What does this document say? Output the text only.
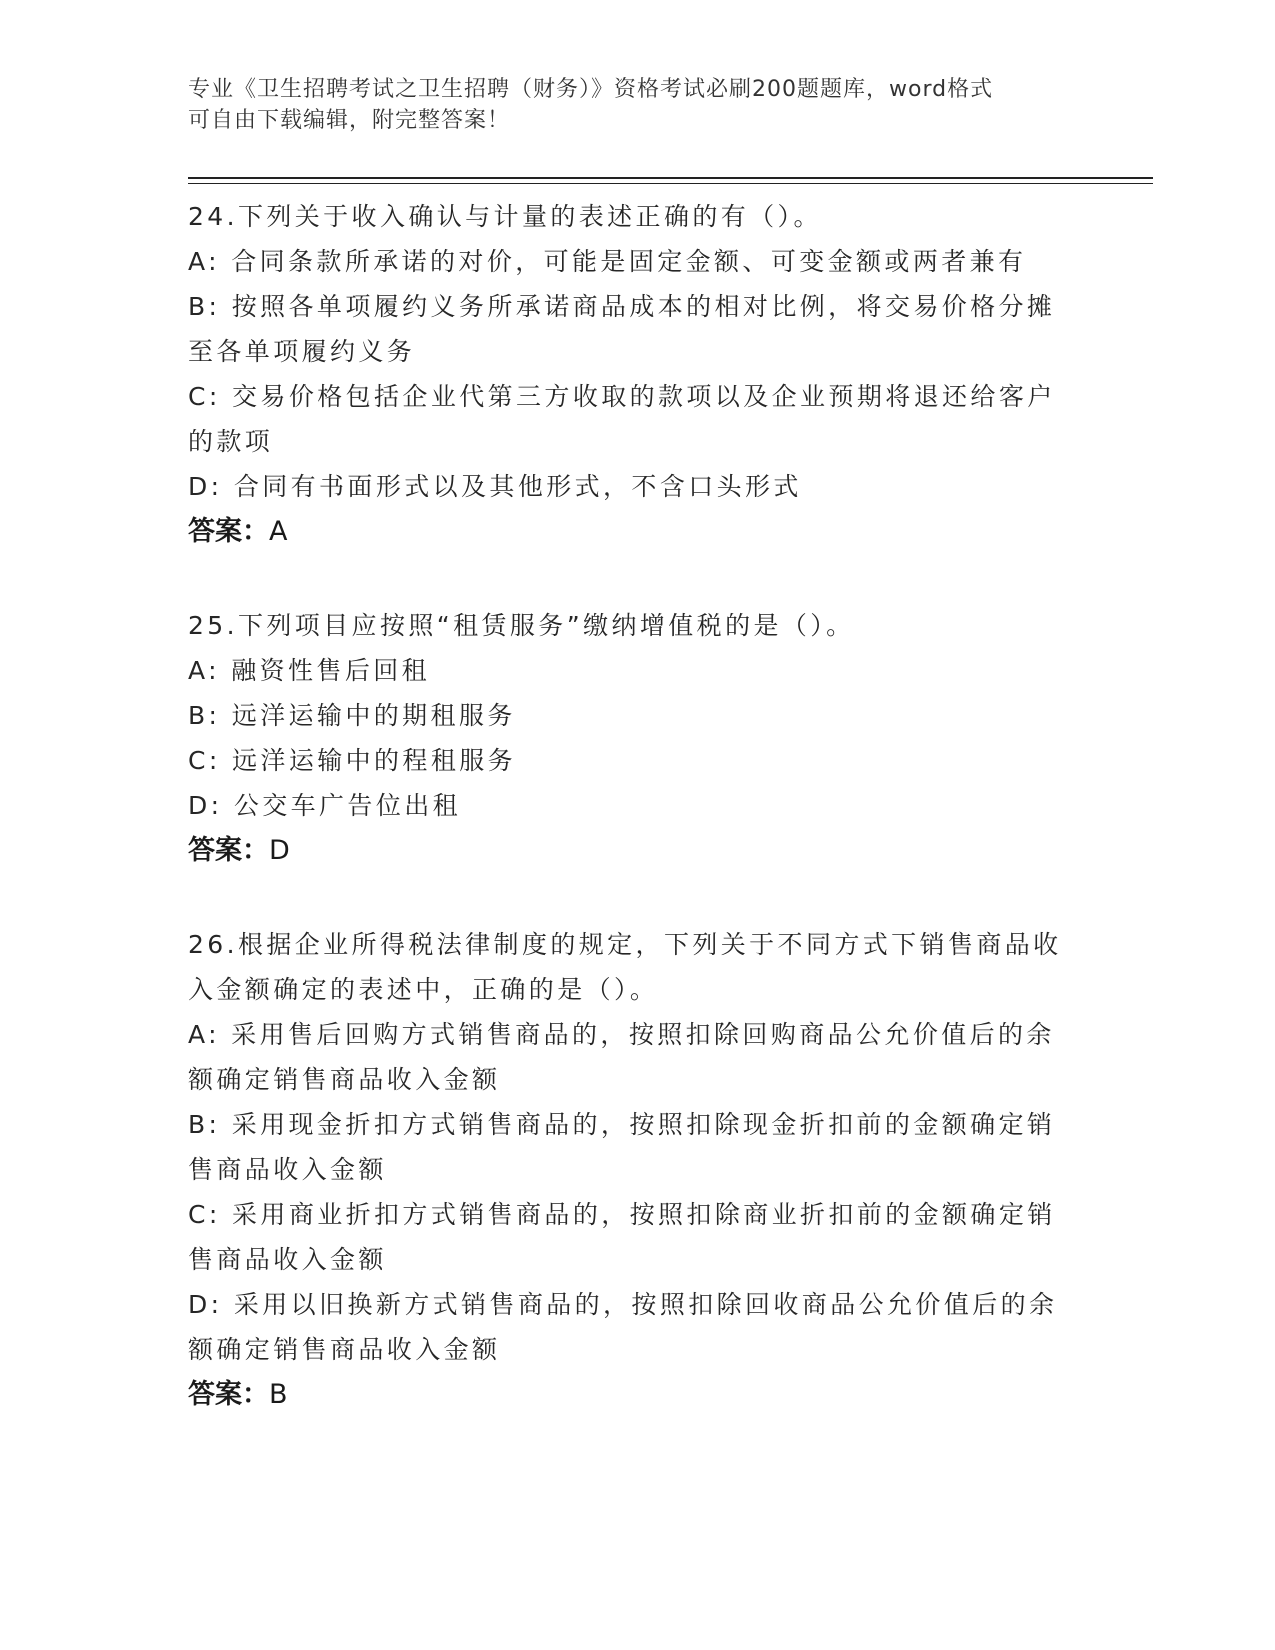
专业《卫生招聘考试之卫生招聘（财务）》资格考试必刷200题题库，word格式
可自由下载编辑，附完整答案！
24.下列关于收入确认与计量的表述正确的有（）。
A: 合同条款所承诺的对价，可能是固定金额、可变金额或两者兼有
B: 按照各单项履约义务所承诺商品成本的相对比例，将交易价格分摊
至各单项履约义务
C: 交易价格包括企业代第三方收取的款项以及企业预期将退还给客户
的款项
D: 合同有书面形式以及其他形式，不含口头形式
答案：A
25.下列项目应按照“租赁服务”缴纳增值税的是（）。
A: 融资性售后回租
B: 远洋运输中的期租服务
C: 远洋运输中的程租服务
D: 公交车广告位出租
答案：D
26.根据企业所得税法律制度的规定，下列关于不同方式下销售商品收
入金额确定的表述中，正确的是（）。
A: 采用售后回购方式销售商品的，按照扣除回购商品公允价值后的余
额确定销售商品收入金额
B: 采用现金折扣方式销售商品的，按照扣除现金折扣前的金额确定销
售商品收入金额
C: 采用商业折扣方式销售商品的，按照扣除商业折扣前的金额确定销
售商品收入金额
D: 采用以旧换新方式销售商品的，按照扣除回收商品公允价值后的余
额确定销售商品收入金额
答案：B
